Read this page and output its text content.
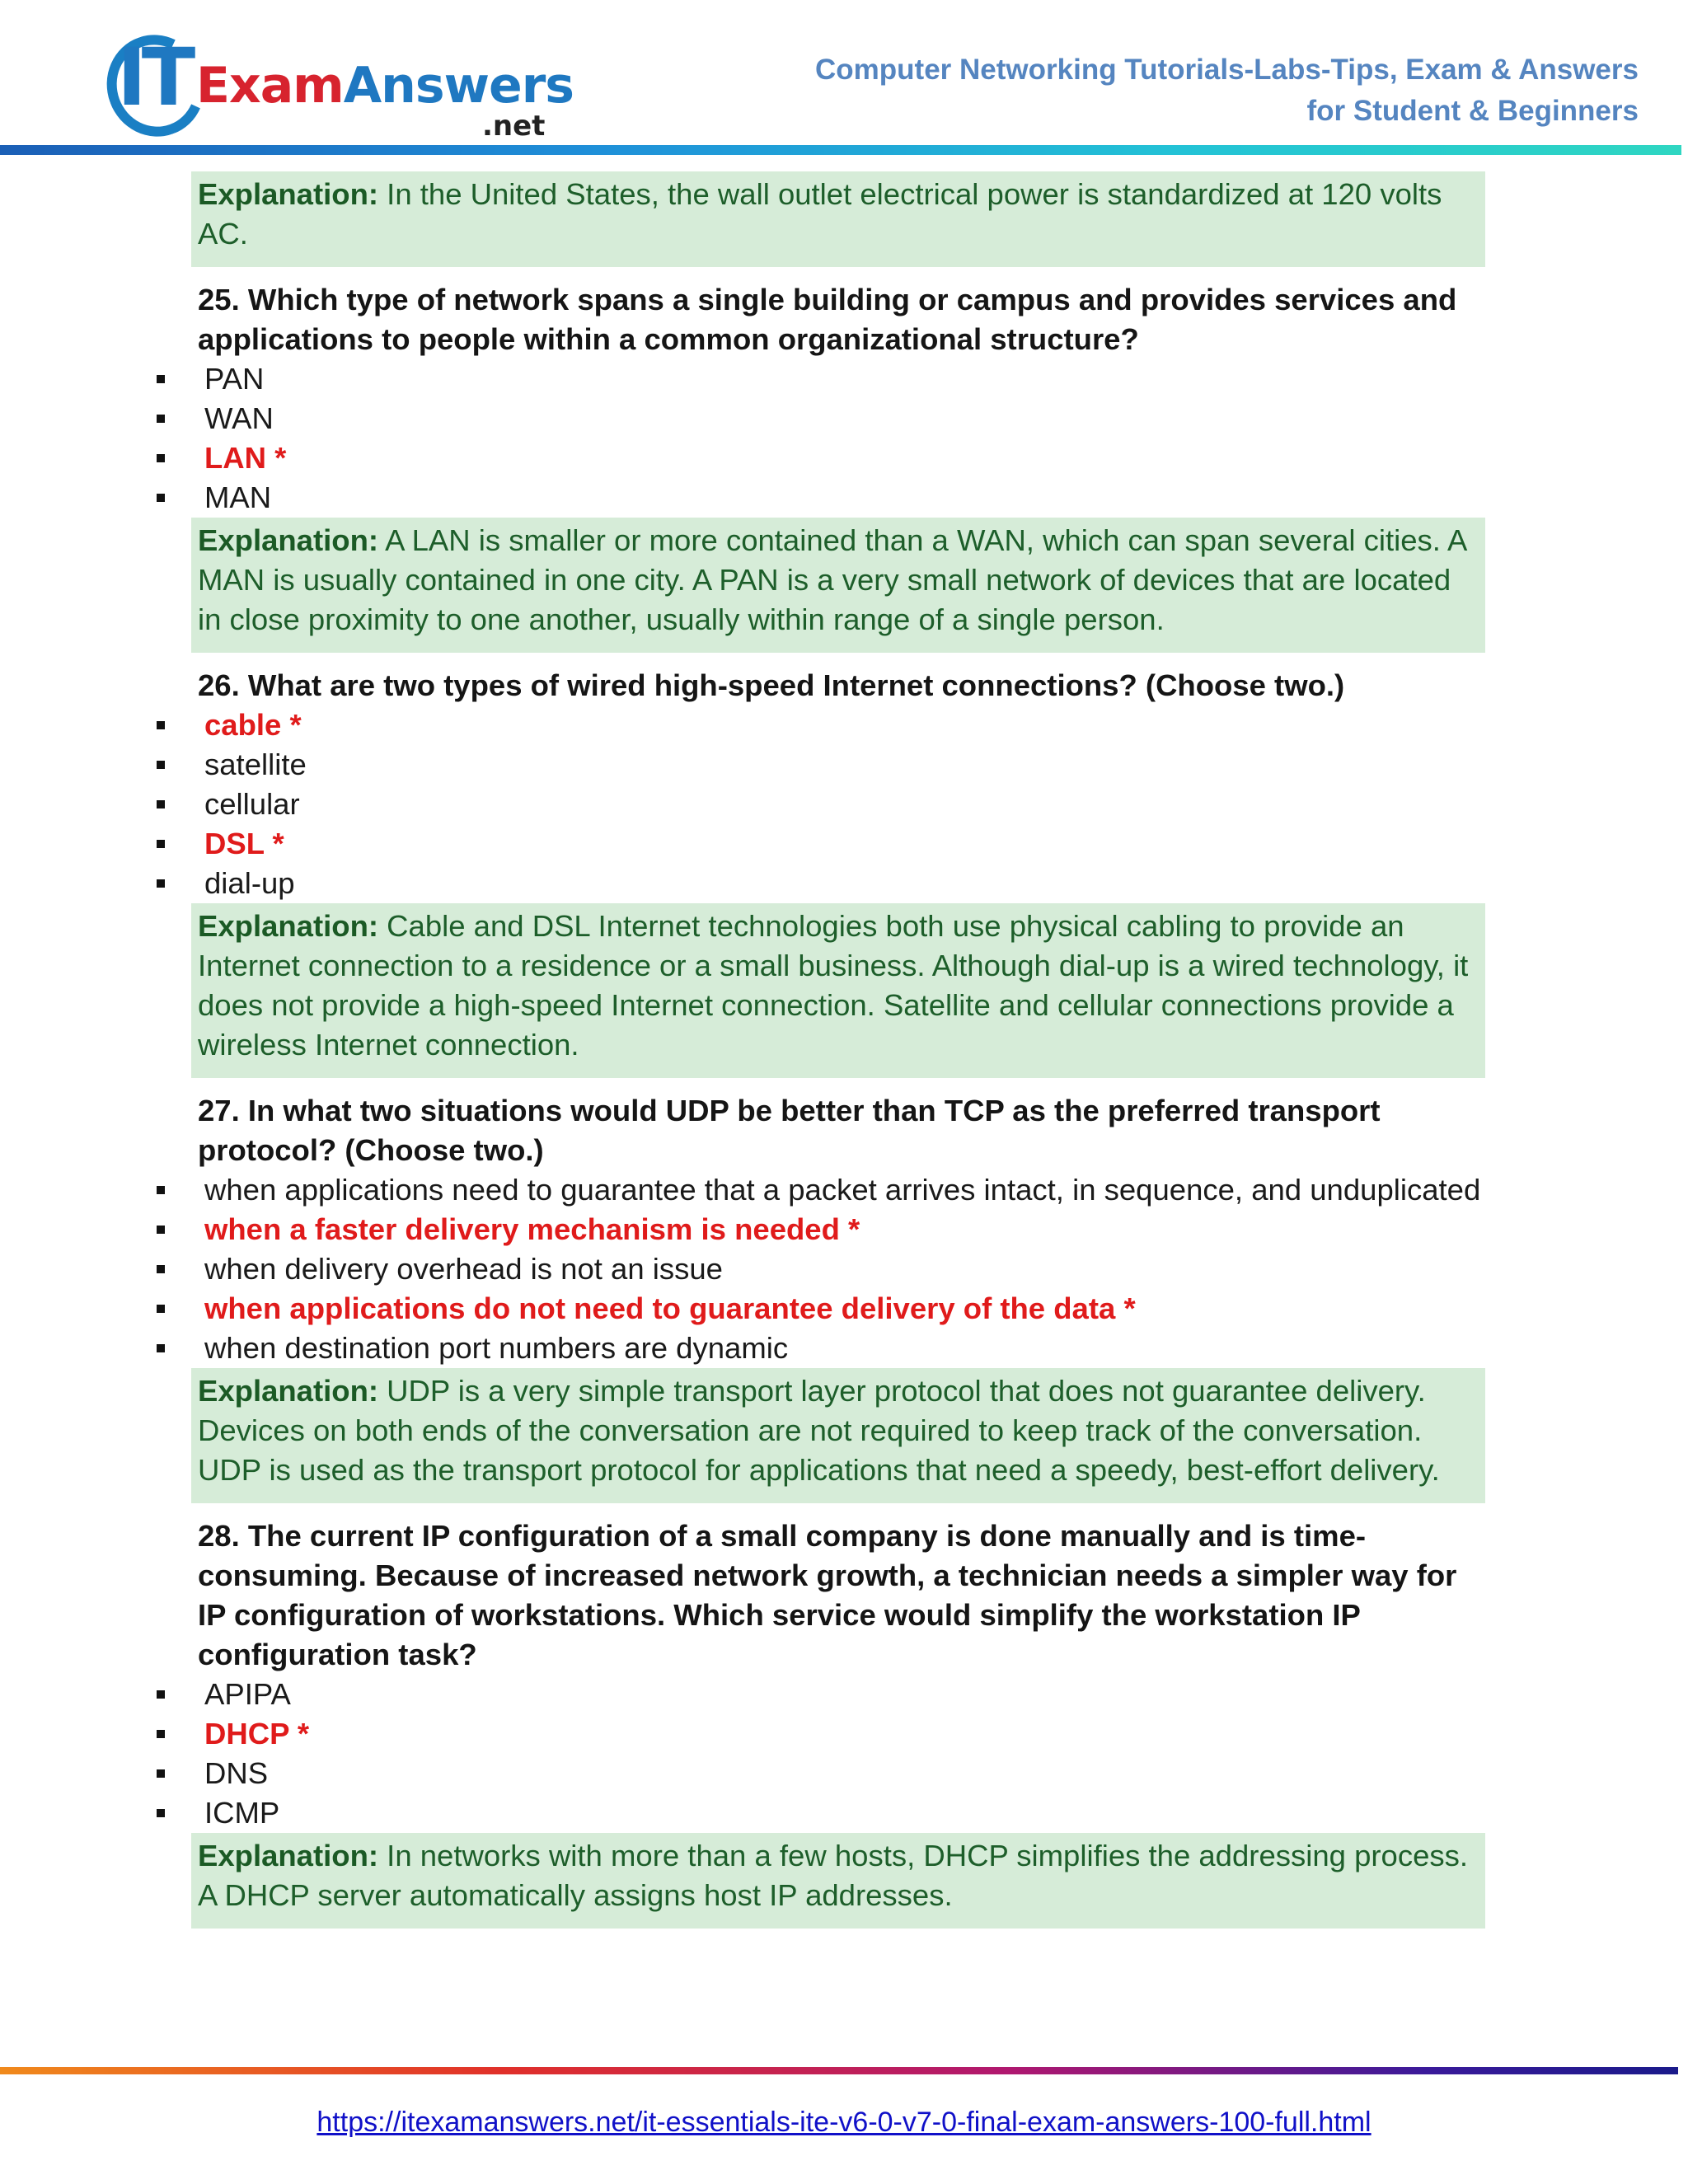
IT ExamAnswers
.net
Computer Networking Tutorials-Labs-Tips, Exam & Answers
for Student & Beginners
Explanation: In the United States, the wall outlet electrical power is standardized at 120 volts AC.
25. Which type of network spans a single building or campus and provides services and applications to people within a common organizational structure?
PAN
WAN
LAN *
MAN
Explanation: A LAN is smaller or more contained than a WAN, which can span several cities. A MAN is usually contained in one city. A PAN is a very small network of devices that are located in close proximity to one another, usually within range of a single person.
26. What are two types of wired high-speed Internet connections? (Choose two.)
cable *
satellite
cellular
DSL *
dial-up
Explanation: Cable and DSL Internet technologies both use physical cabling to provide an Internet connection to a residence or a small business. Although dial-up is a wired technology, it does not provide a high-speed Internet connection. Satellite and cellular connections provide a wireless Internet connection.
27. In what two situations would UDP be better than TCP as the preferred transport protocol? (Choose two.)
when applications need to guarantee that a packet arrives intact, in sequence, and unduplicated
when a faster delivery mechanism is needed *
when delivery overhead is not an issue
when applications do not need to guarantee delivery of the data *
when destination port numbers are dynamic
Explanation: UDP is a very simple transport layer protocol that does not guarantee delivery. Devices on both ends of the conversation are not required to keep track of the conversation. UDP is used as the transport protocol for applications that need a speedy, best-effort delivery.
28. The current IP configuration of a small company is done manually and is time-consuming. Because of increased network growth, a technician needs a simpler way for IP configuration of workstations. Which service would simplify the workstation IP configuration task?
APIPA
DHCP *
DNS
ICMP
Explanation: In networks with more than a few hosts, DHCP simplifies the addressing process. A DHCP server automatically assigns host IP addresses.
https://itexamanswers.net/it-essentials-ite-v6-0-v7-0-final-exam-answers-100-full.html
